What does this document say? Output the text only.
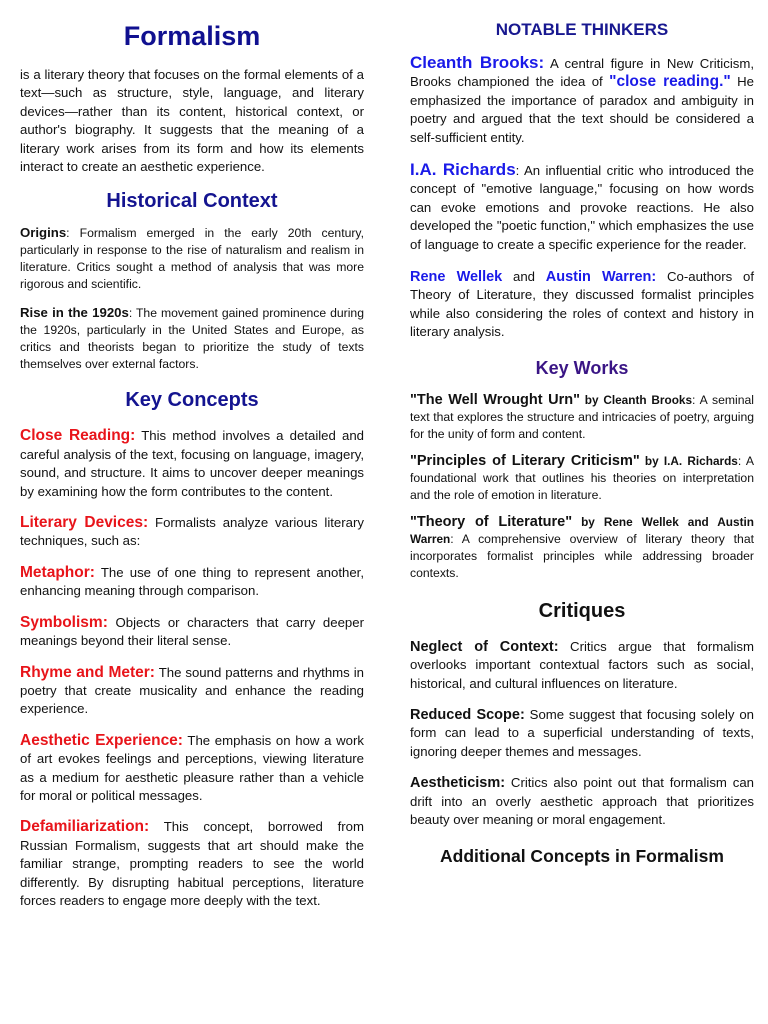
Formalism

is a literary theory that focuses on the formal elements of a text—such as structure, style, language, and literary devices—rather than its content, historical context, or author's biography. It suggests that the meaning of a literary work arises from its form and how its elements interact to create an aesthetic experience.

Historical Context

Origins: Formalism emerged in the early 20th century, particularly in response to the rise of naturalism and realism in literature. Critics sought a method of analysis that was more rigorous and scientific.

Rise in the 1920s: The movement gained prominence during the 1920s, particularly in the United States and Europe, as critics and theorists began to prioritize the study of texts themselves over external factors.

Key Concepts

Close Reading: This method involves a detailed and careful analysis of the text, focusing on language, imagery, sound, and structure. It aims to uncover deeper meanings by examining how the form contributes to the content.

Literary Devices: Formalists analyze various literary techniques, such as:

Metaphor: The use of one thing to represent another, enhancing meaning through comparison.

Symbolism: Objects or characters that carry deeper meanings beyond their literal sense.

Rhyme and Meter: The sound patterns and rhythms in poetry that create musicality and enhance the reading experience.

Aesthetic Experience: The emphasis on how a work of art evokes feelings and perceptions, viewing literature as a medium for aesthetic pleasure rather than a vehicle for moral or political messages.

Defamiliarization: This concept, borrowed from Russian Formalism, suggests that art should make the familiar strange, prompting readers to see the world differently. By disrupting habitual perceptions, literature forces readers to engage more deeply with the text.

NOTABLE THINKERS

Cleanth Brooks: A central figure in New Criticism, Brooks championed the idea of "close reading." He emphasized the importance of paradox and ambiguity in poetry and argued that the text should be considered a self-sufficient entity.

I.A. Richards: An influential critic who introduced the concept of "emotive language," focusing on how words can evoke emotions and provoke reactions. He also developed the "poetic function," which emphasizes the use of language to create a specific experience for the reader.

Rene Wellek and Austin Warren: Co-authors of Theory of Literature, they discussed formalist principles while also considering the roles of context and history in literary analysis.

Key Works

"The Well Wrought Urn" by Cleanth Brooks: A seminal text that explores the structure and intricacies of poetry, arguing for the unity of form and content.

"Principles of Literary Criticism" by I.A. Richards: A foundational work that outlines his theories on interpretation and the role of emotion in literature.

"Theory of Literature" by Rene Wellek and Austin Warren: A comprehensive overview of literary theory that incorporates formalist principles while addressing broader contexts.

Critiques

Neglect of Context: Critics argue that formalism overlooks important contextual factors such as social, historical, and cultural influences on literature.

Reduced Scope: Some suggest that focusing solely on form can lead to a superficial understanding of texts, ignoring deeper themes and messages.

Aestheticism: Critics also point out that formalism can drift into an overly aesthetic approach that prioritizes beauty over meaning or moral engagement.

Additional Concepts in Formalism
